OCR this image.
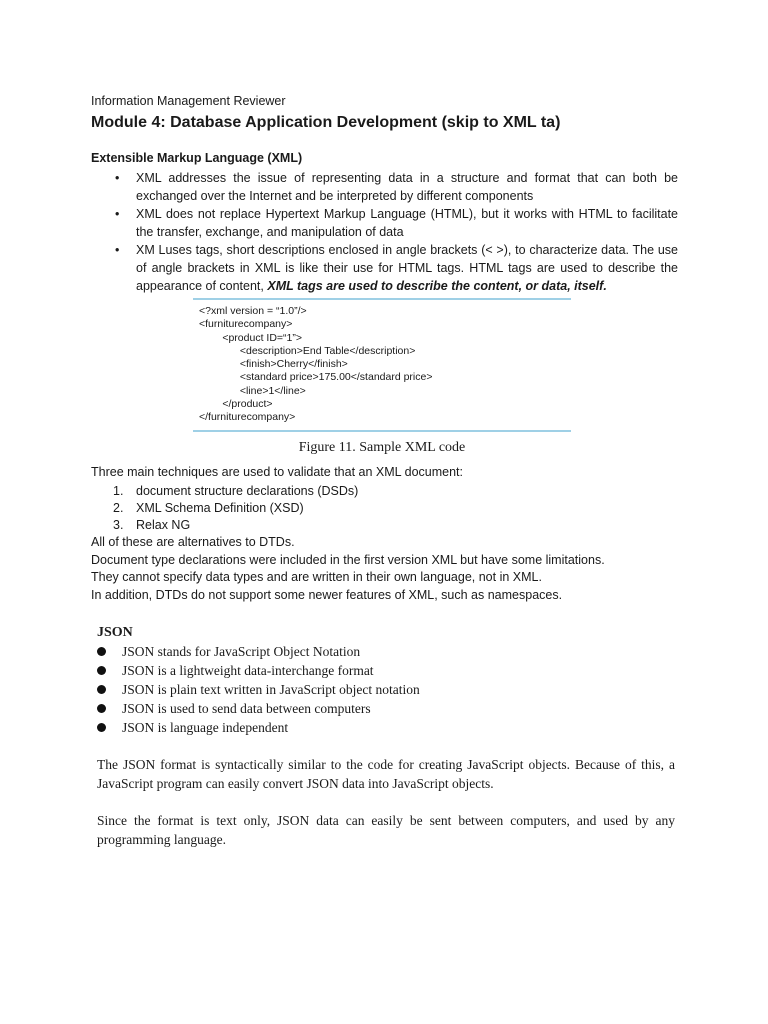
Information Management Reviewer
Module 4: Database Application Development (skip to XML ta)
Extensible Markup Language (XML)
• XML addresses the issue of representing data in a structure and format that can both be exchanged over the Internet and be interpreted by different components
• XML does not replace Hypertext Markup Language (HTML), but it works with HTML to facilitate the transfer, exchange, and manipulation of data
• XM Luses tags, short descriptions enclosed in angle brackets (< >), to characterize data. The use of angle brackets in XML is like their use for HTML tags. HTML tags are used to describe the appearance of content, XML tags are used to describe the content, or data, itself.
<?xml version = “1.0”/>
<furniturecompany>
<product ID=“1”>
<description>End Table</description>
<finish>Cherry</finish>
<standard price>175.00</standard price>
<line>1</line>
</product>
</furniturecompany>
Figure 11. Sample XML code
Three main techniques are used to validate that an XML document:
1. document structure declarations (DSDs)
2. XML Schema Definition (XSD)
3. Relax NG
All of these are alternatives to DTDs.
Document type declarations were included in the first version XML but have some limitations.
They cannot specify data types and are written in their own language, not in XML.
In addition, DTDs do not support some newer features of XML, such as namespaces.
JSON
JSON stands for JavaScript Object Notation
JSON is a lightweight data-interchange format
JSON is plain text written in JavaScript object notation
JSON is used to send data between computers
JSON is language independent
The JSON format is syntactically similar to the code for creating JavaScript objects. Because of this, a JavaScript program can easily convert JSON data into JavaScript objects.
Since the format is text only, JSON data can easily be sent between computers, and used by any programming language.
